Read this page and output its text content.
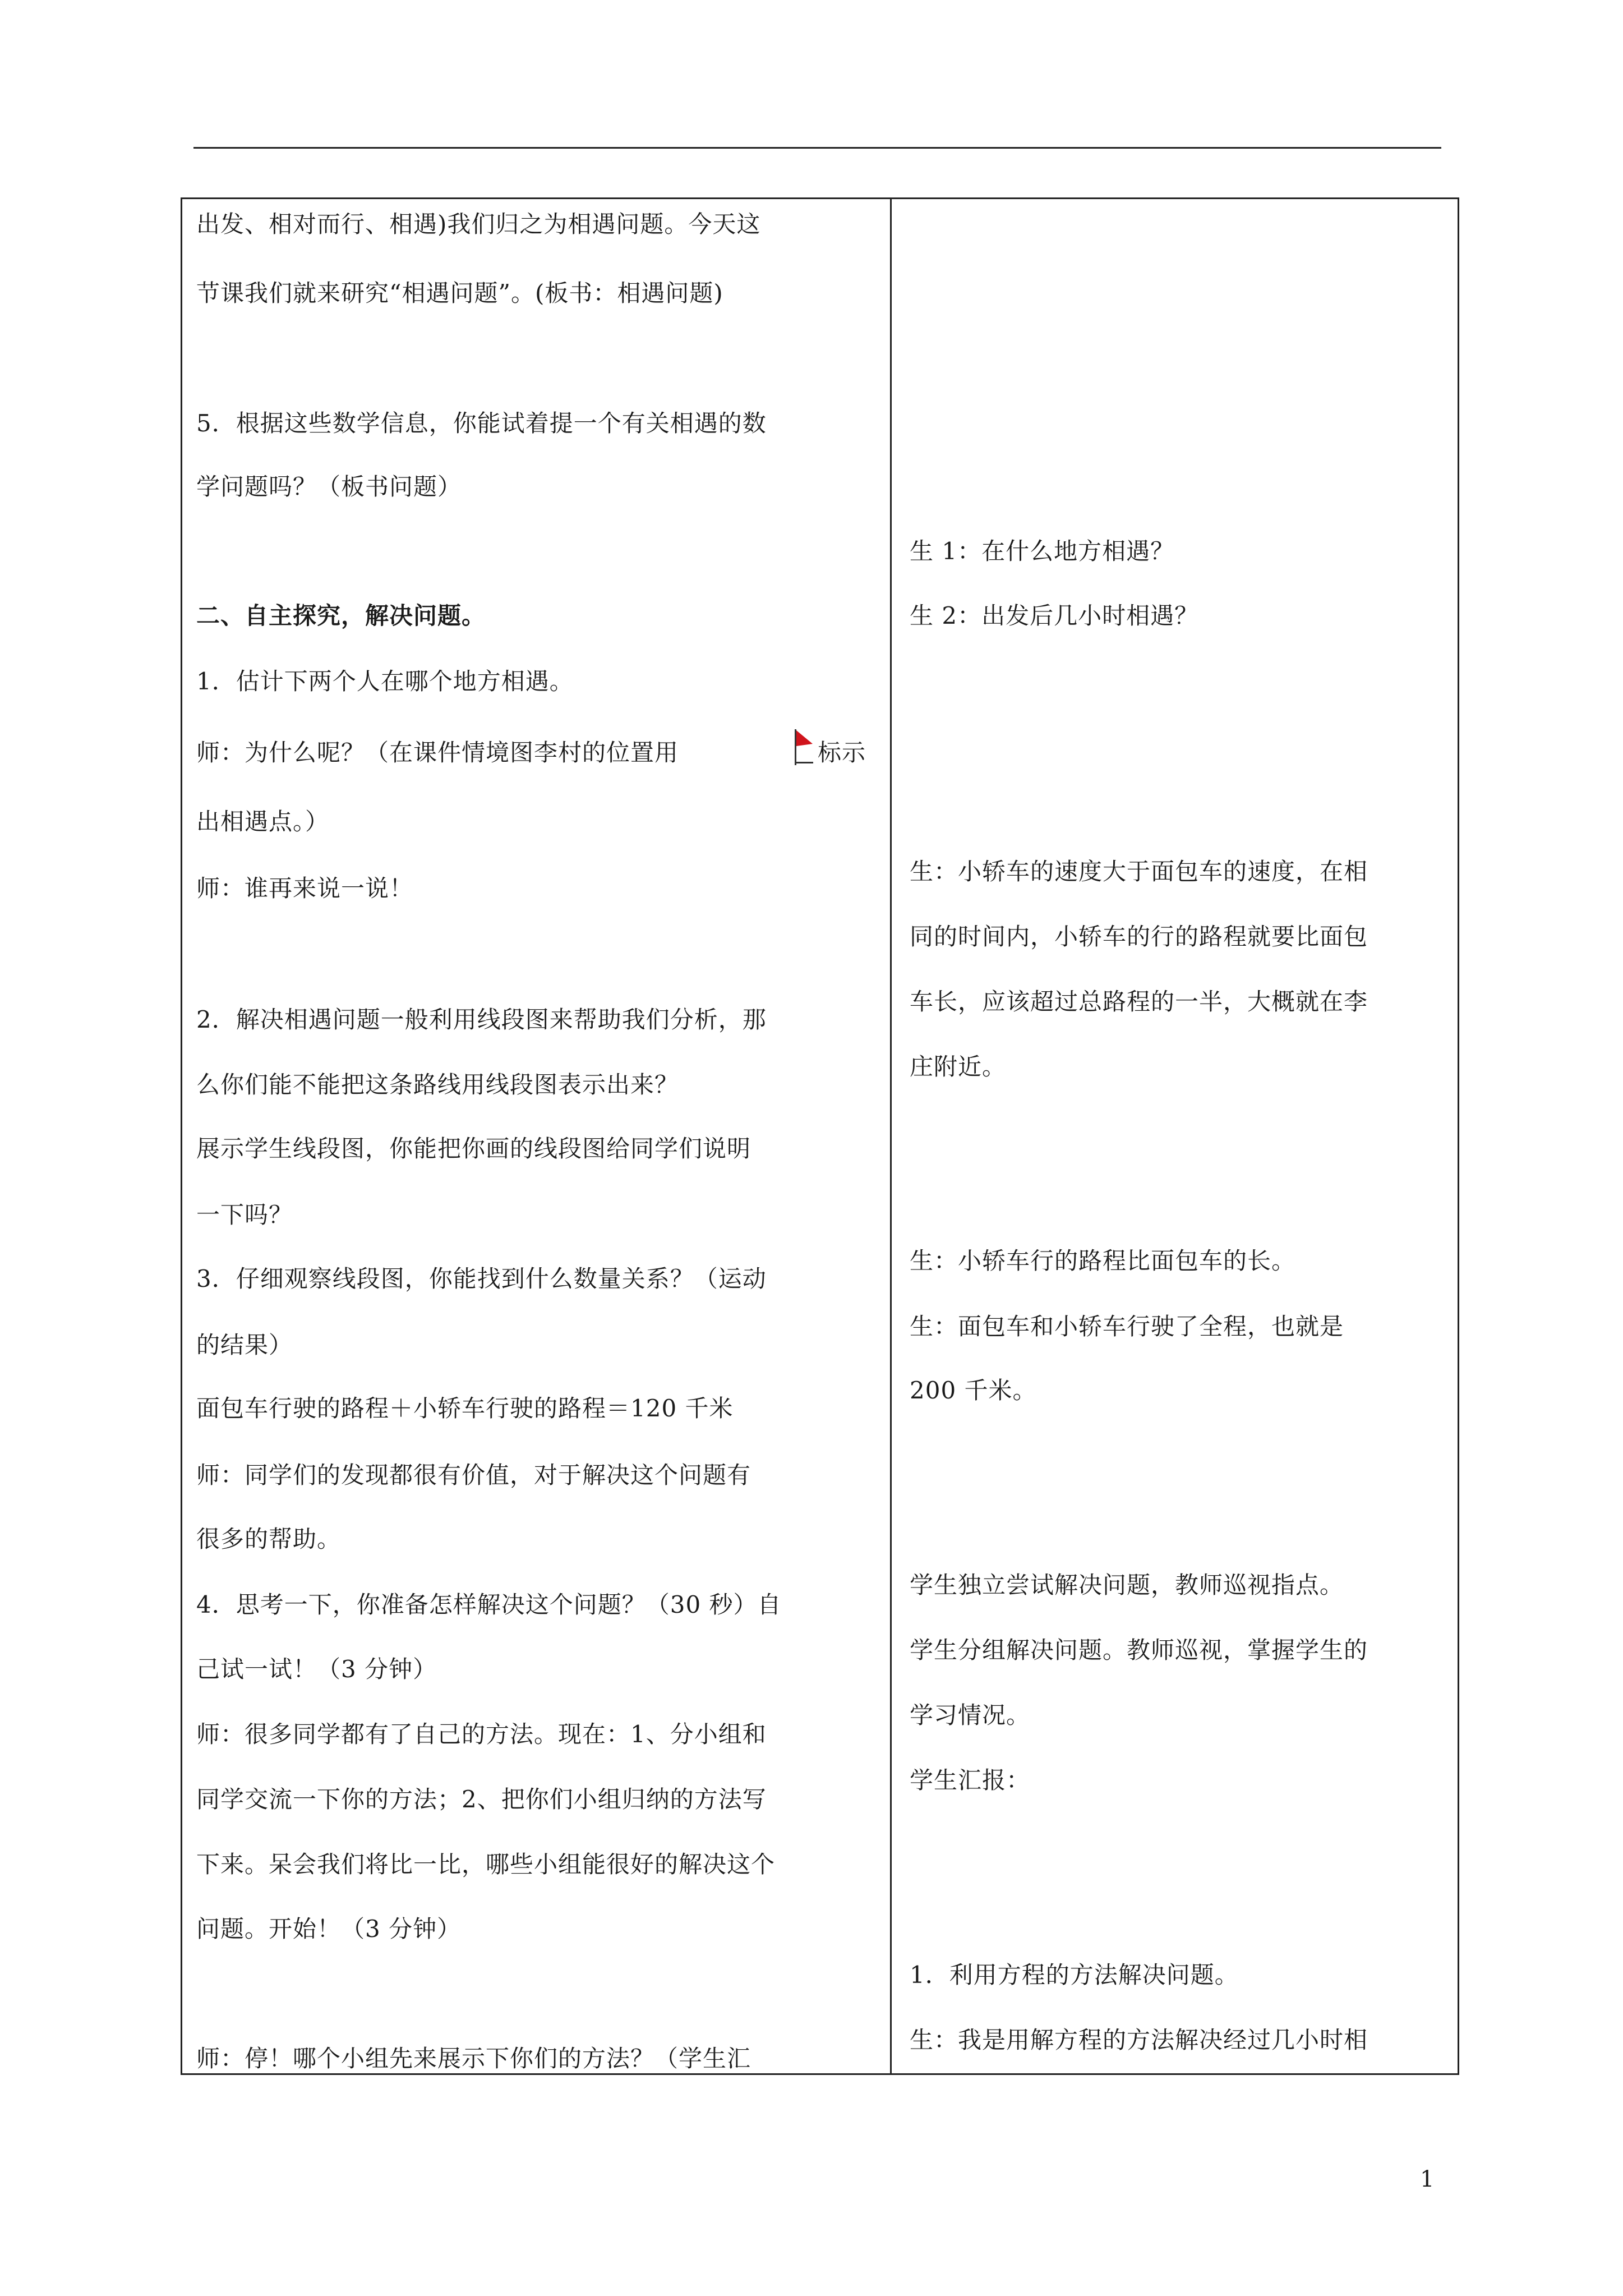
出发、相对而行、相遇)我们归之为相遇问题。今天这
节课我们就来研究“相遇问题”。(板书：相遇问题)
5．根据这些数学信息，你能试着提一个有关相遇的数
学问题吗？（板书问题）
二、自主探究，解决问题。
1．估计下两个人在哪个地方相遇。
师：为什么呢？（在课件情境图李村的位置用	标示
出相遇点。）
师：谁再来说一说！
2．解决相遇问题一般利用线段图来帮助我们分析，那
么你们能不能把这条路线用线段图表示出来？
展示学生线段图，你能把你画的线段图给同学们说明
一下吗？
3．仔细观察线段图，你能找到什么数量关系？（运动
的结果）
面包车行驶的路程＋小轿车行驶的路程＝120 千米
师：同学们的发现都很有价值，对于解决这个问题有
很多的帮助。
4．思考一下，你准备怎样解决这个问题？（30 秒）自
己试一试！（3 分钟）
师：很多同学都有了自己的方法。现在：1、分小组和
同学交流一下你的方法；2、把你们小组归纳的方法写
下来。呆会我们将比一比，哪些小组能很好的解决这个
问题。开始！（3 分钟）
师：停！哪个小组先来展示下你们的方法？（学生汇
生 1：在什么地方相遇？
生 2：出发后几小时相遇？
生：小轿车的速度大于面包车的速度，在相
同的时间内，小轿车的行的路程就要比面包
车长，应该超过总路程的一半，大概就在李
庄附近。
生：小轿车行的路程比面包车的长。
生：面包车和小轿车行驶了全程，也就是
200 千米。
学生独立尝试解决问题，教师巡视指点。
学生分组解决问题。教师巡视，掌握学生的
学习情况。
学生汇报：
1．利用方程的方法解决问题。
生：我是用解方程的方法解决经过几小时相
1
